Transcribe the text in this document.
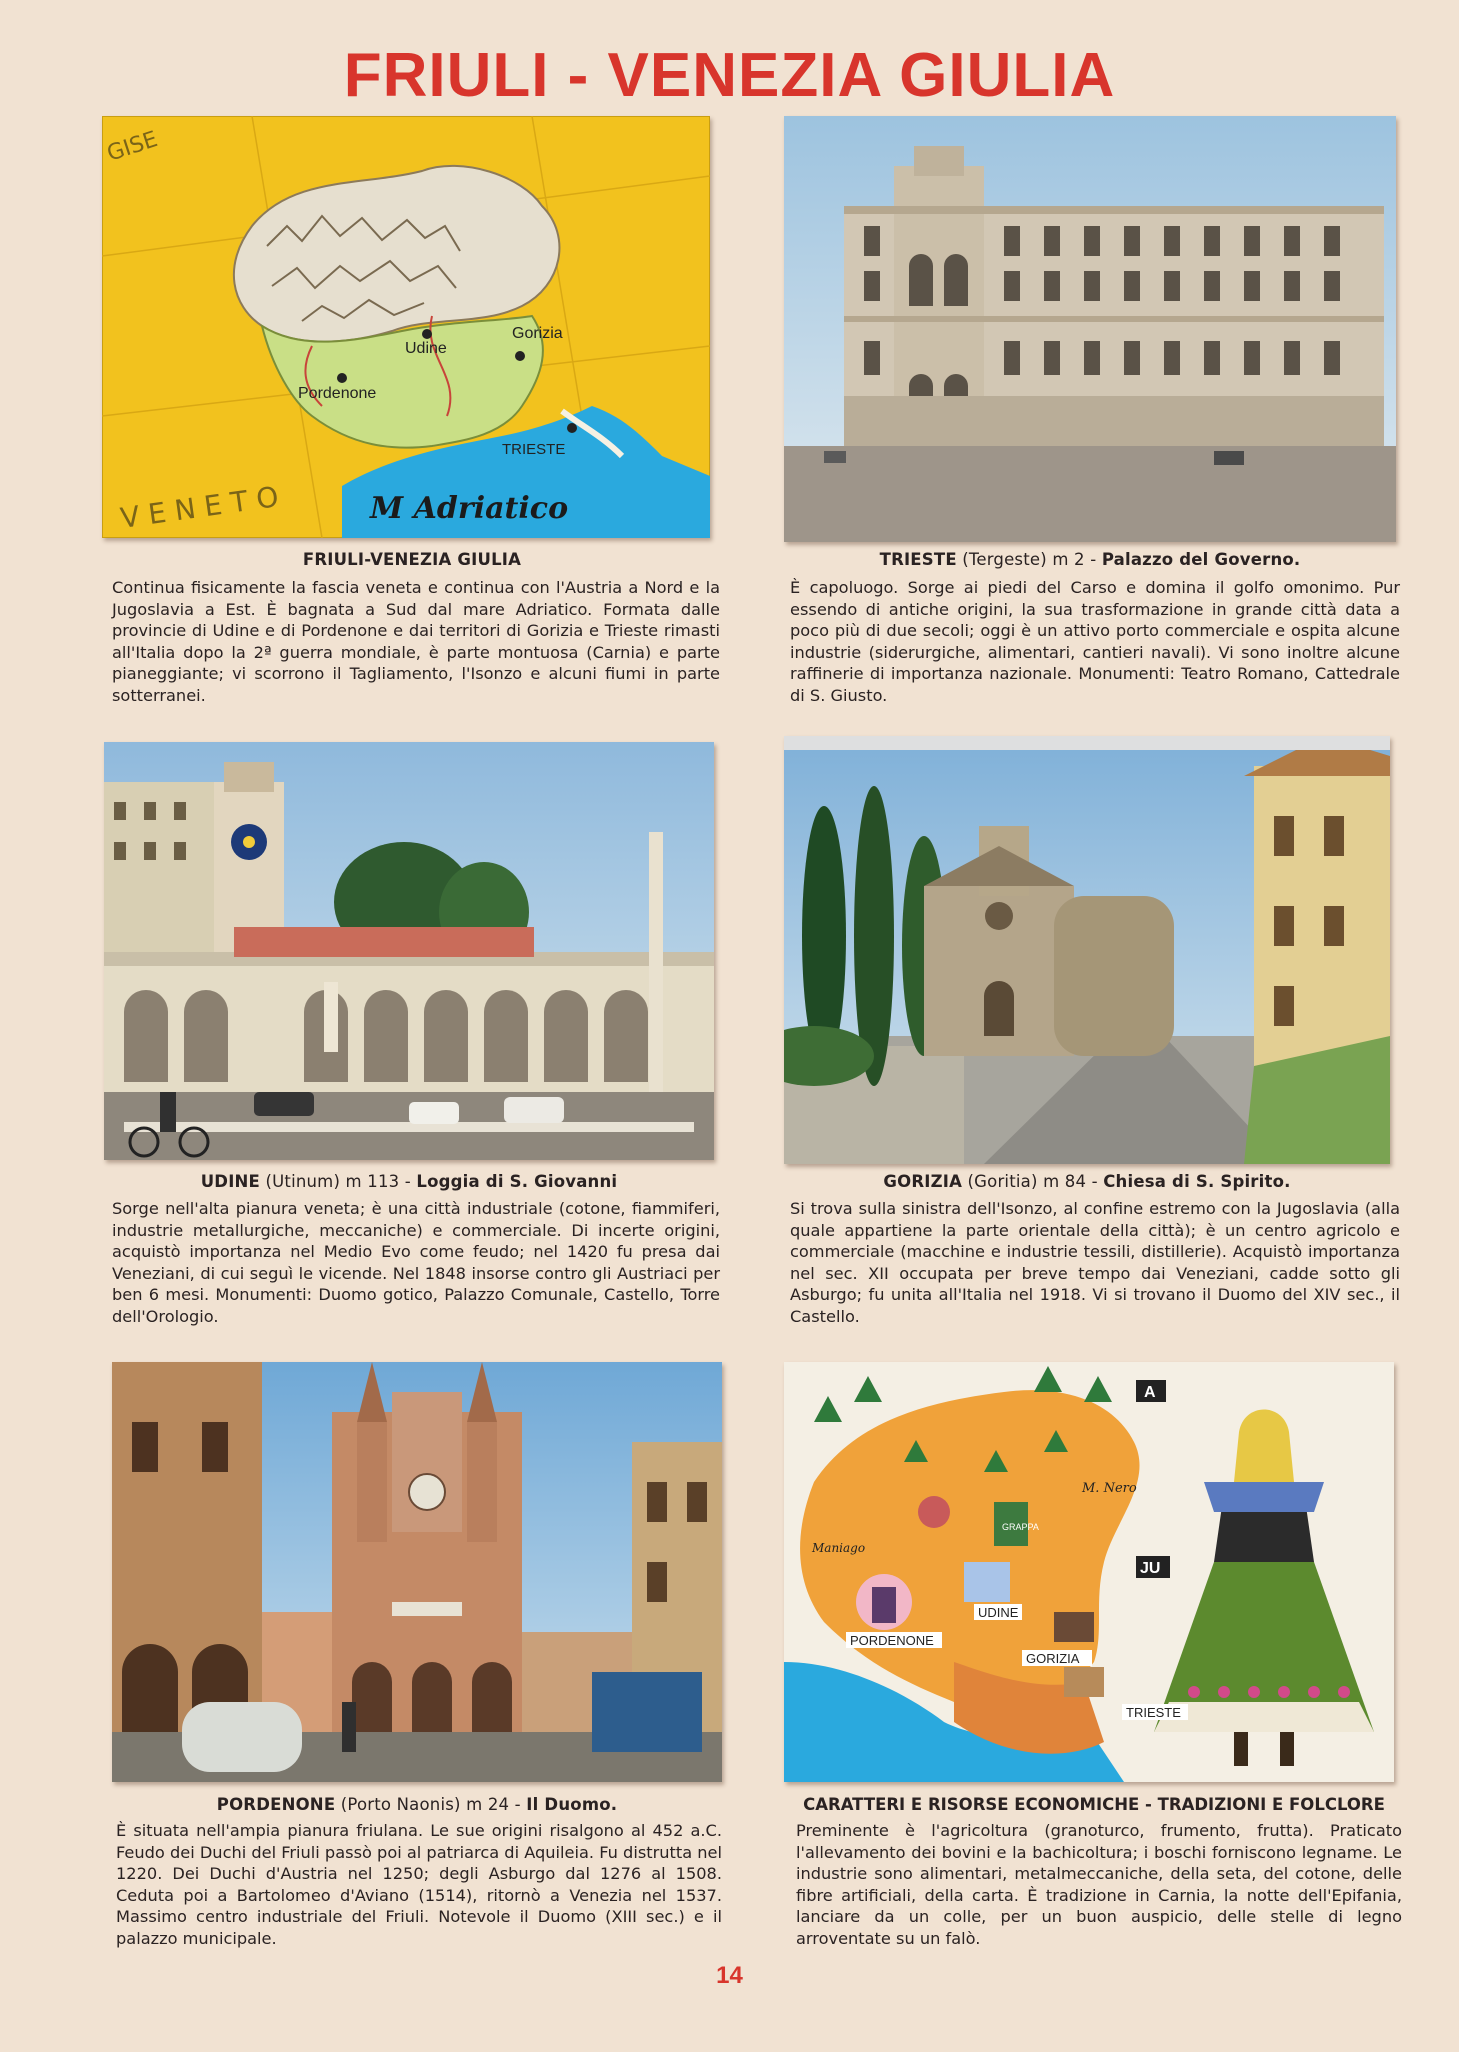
FRIULI - VENEZIA GIULIA
Udine
Gorizia
Pordenone
TRIESTE
M Adriatico
GISE
V E N E T O
FRIULI-VENEZIA GIULIA

Continua fisicamente la fascia veneta e continua con l'Austria a Nord e la Jugoslavia a Est. È bagnata a Sud dal mare Adriatico. Formata dalle provincie di Udine e di Pordenone e dai territori di Gorizia e Trieste rimasti all'Italia dopo la 2ª guerra mondiale, è parte montuosa (Carnia) e parte pianeggiante; vi scorrono il Tagliamento, l'Isonzo e alcuni fiumi in parte sotterranei.

TRIESTE (Tergeste) m 2 - Palazzo del Governo.

È capoluogo. Sorge ai piedi del Carso e domina il golfo omonimo. Pur essendo di antiche origini, la sua trasformazione in grande città data a poco più di due secoli; oggi è un attivo porto commerciale e ospita alcune industrie (siderurgiche, alimentari, cantieri navali). Vi sono inoltre alcune raffinerie di importanza nazionale. Monumenti: Teatro Romano, Cattedrale di S. Giusto.

UDINE (Utinum) m 113 - Loggia di S. Giovanni

Sorge nell'alta pianura veneta; è una città industriale (cotone, fiammiferi, industrie metallurgiche, meccaniche) e commerciale. Di incerte origini, acquistò importanza nel Medio Evo come feudo; nel 1420 fu presa dai Veneziani, di cui seguì le vicende. Nel 1848 insorse contro gli Austriaci per ben 6 mesi. Monumenti: Duomo gotico, Palazzo Comunale, Castello, Torre dell'Orologio.

GORIZIA (Goritia) m 84 - Chiesa di S. Spirito.

Si trova sulla sinistra dell'Isonzo, al confine estremo con la Jugoslavia (alla quale appartiene la parte orientale della città); è un centro agricolo e commerciale (macchine e industrie tessili, distillerie). Acquistò importanza nel sec. XII occupata per breve tempo dai Veneziani, cadde sotto gli Asburgo; fu unita all'Italia nel 1918. Vi si trovano il Duomo del XIV sec., il Castello.

PORDENONE (Porto Naonis) m 24 - Il Duomo.

È situata nell'ampia pianura friulana. Le sue origini risalgono al 452 a.C. Feudo dei Duchi del Friuli passò poi al patriarca di Aquileia. Fu distrutta nel 1220. Dei Duchi d'Austria nel 1250; degli Asburgo dal 1276 al 1508. Ceduta poi a Bartolomeo d'Aviano (1514), ritornò a Venezia nel 1537. Massimo centro industriale del Friuli. Notevole il Duomo (XIII sec.) e il palazzo municipale.

A
JU
M. Nero
Maniago
GRAPPA
UDINE
PORDENONE
GORIZIA
TRIESTE
CARATTERI E RISORSE ECONOMICHE - TRADIZIONI E FOLCLORE

Preminente è l'agricoltura (granoturco, frumento, frutta). Praticato l'allevamento dei bovini e la bachicoltura; i boschi forniscono legname. Le industrie sono alimentari, metalmeccaniche, della seta, del cotone, delle fibre artificiali, della carta. È tradizione in Carnia, la notte dell'Epifania, lanciare da un colle, per un buon auspicio, delle stelle di legno arroventate su un falò.

14
